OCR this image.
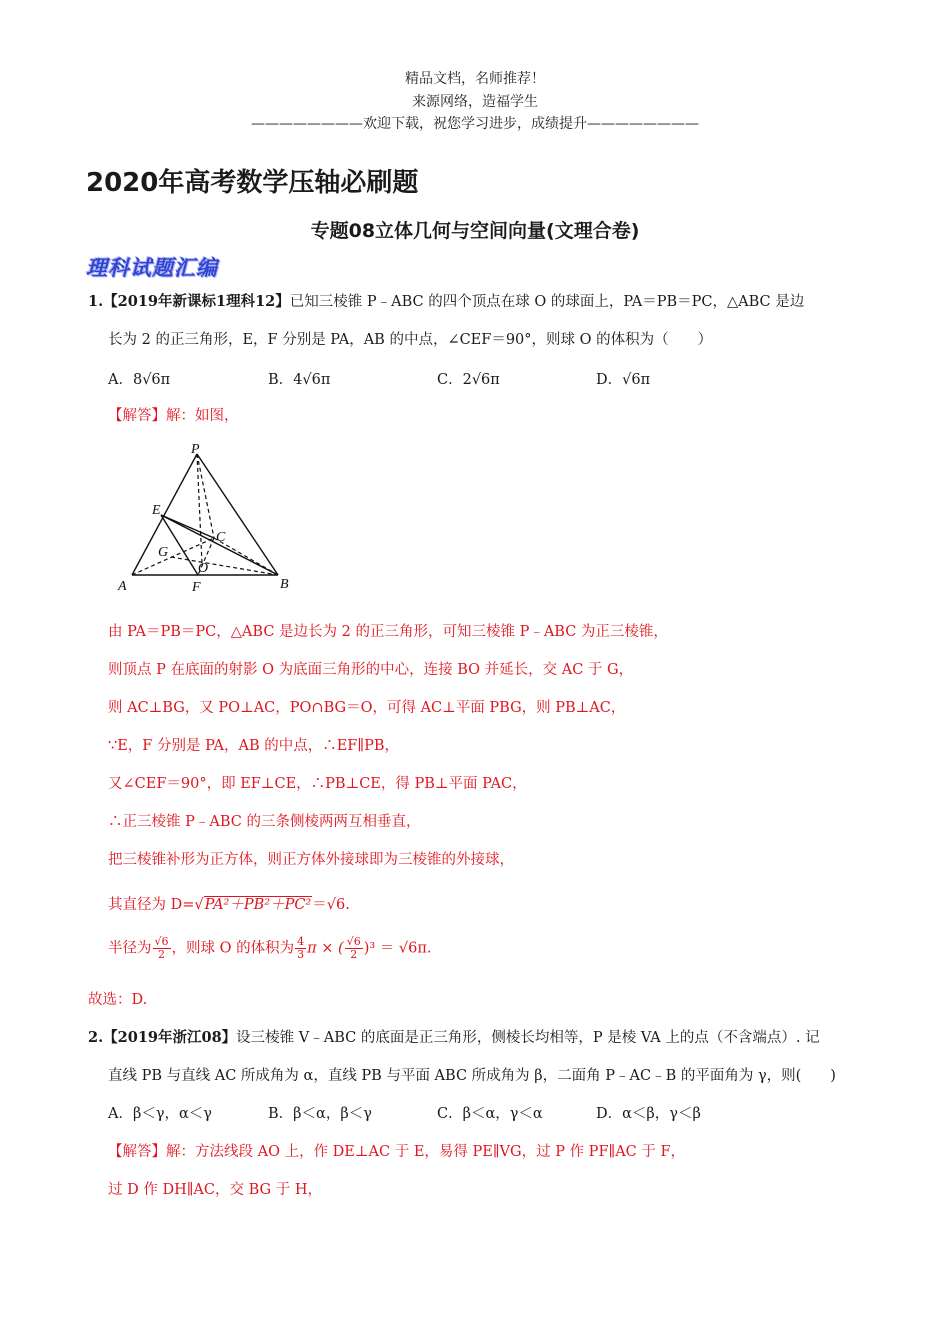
精品文档，名师推荐！
来源网络，造福学生
————————欢迎下载，祝您学习进步，成绩提升————————
2020年高考数学压轴必刷题
专题08立体几何与空间向量(文理合卷)
理科试题汇编
1.【2019年新课标1理科12】已知三棱锥 P﹣ABC 的四个顶点在球 O 的球面上，PA＝PB＝PC，△ABC 是边
长为 2 的正三角形，E，F 分别是 PA，AB 的中点，∠CEF＝90°，则球 O 的体积为（　　）
A．8√6π	B．4√6π	C．2√6π	D．√6π
【解答】解：如图，
P
E
C
G
O
A	F	B
由 PA＝PB＝PC，△ABC 是边长为 2 的正三角形，可知三棱锥 P﹣ABC 为正三棱锥，
则顶点 P 在底面的射影 O 为底面三角形的中心，连接 BO 并延长，交 AC 于 G，
则 AC⊥BG，又 PO⊥AC，PO∩BG＝O，可得 AC⊥平面 PBG，则 PB⊥AC，
∵E，F 分别是 PA，AB 的中点，∴EF∥PB，
又∠CEF＝90°，即 EF⊥CE，∴PB⊥CE，得 PB⊥平面 PAC，
∴正三棱锥 P﹣ABC 的三条侧棱两两互相垂直，
把三棱锥补形为正方体，则正方体外接球即为三棱锥的外接球，
其直径为 D=√PA²＋PB²＋PC²＝√6.
半径为 $\frac{√6}{2}$ ，则球 O 的体积为 $\frac{4}{3}$ π × ( $\frac{√6}{2} )^3 = √6\pi$.
故选：D.
2.【2019年浙江08】设三棱锥 V﹣ABC 的底面是正三角形，侧棱长均相等，P 是棱 VA 上的点（不含端点）. 记
直线 PB 与直线 AC 所成角为 α，直线 PB 与平面 ABC 所成角为 β，二面角 P﹣AC﹣B 的平面角为 γ，则(　　)
A．β＜γ，α＜γ	B．β＜α，β＜γ	C．β＜α，γ＜α	D．α＜β，γ＜β
【解答】解：方法线段 AO 上，作 DE⊥AC 于 E，易得 PE∥VG，过 P 作 PF∥AC 于 F，
过 D 作 DH∥AC，交 BG 于 H，
